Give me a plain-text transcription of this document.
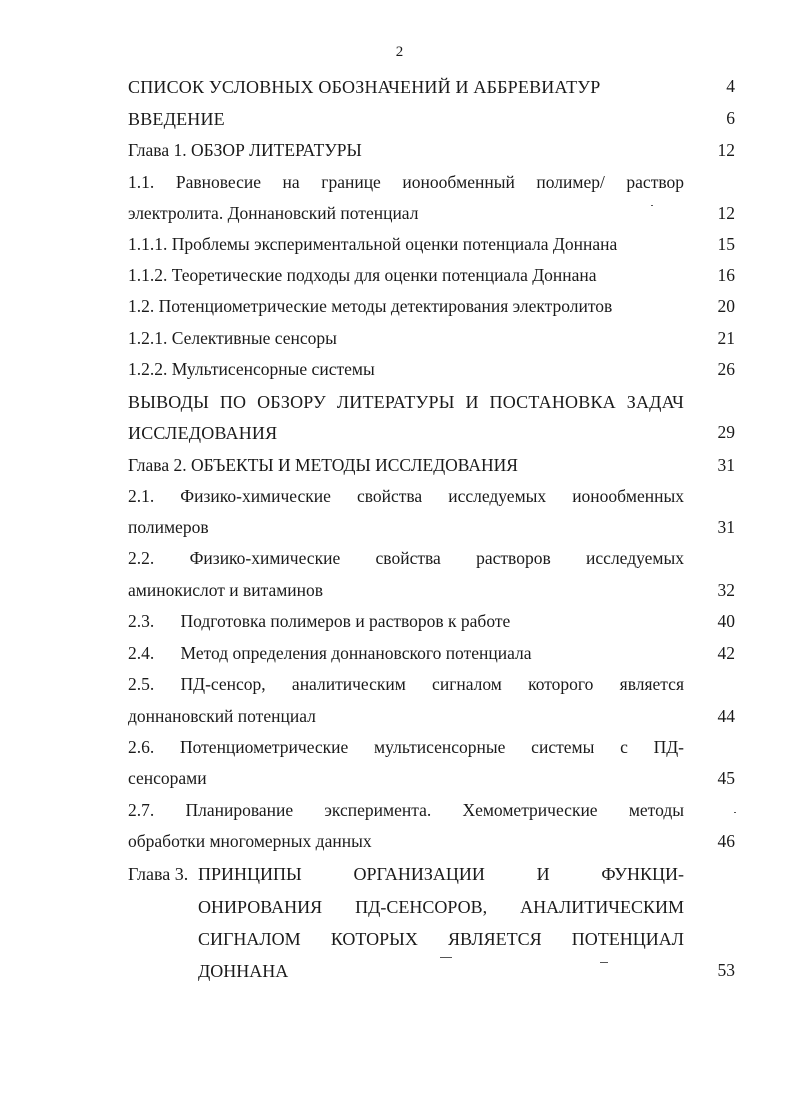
2
СПИСОК УСЛОВНЫХ ОБОЗНАЧЕНИЙ И АББРЕВИАТУР	4
ВВЕДЕНИЕ	6
Глава 1. ОБЗОР ЛИТЕРАТУРЫ	12
1.1. Равновесие на границе ионообменный полимер/ раствор
электролита. Доннановский потенциал	12
1.1.1. Проблемы экспериментальной оценки потенциала Доннана	15
1.1.2. Теоретические подходы для оценки потенциала Доннана	16
1.2. Потенциометрические методы детектирования электролитов	20
1.2.1. Селективные сенсоры	21
1.2.2. Мультисенсорные системы	26
ВЫВОДЫ ПО ОБЗОРУ ЛИТЕРАТУРЫ И ПОСТАНОВКА ЗАДАЧ
ИССЛЕДОВАНИЯ	29
Глава 2. ОБЪЕКТЫ И МЕТОДЫ ИССЛЕДОВАНИЯ	31
2.1. Физико-химические свойства исследуемых ионообменных
полимеров	31
2.2. Физико-химические свойства растворов исследуемых
аминокислот и витаминов	32
2.3.      Подготовка полимеров и растворов к работе	40
2.4.      Метод определения доннановского потенциала	42
2.5. ПД-сенсор, аналитическим сигналом которого является
доннановский потенциал	44
2.6. Потенциометрические мультисенсорные системы с ПД-
сенсорами	45
2.7. Планирование эксперимента. Хемометрические методы
обработки многомерных данных	46
Глава 3. ПРИНЦИПЫ ОРГАНИЗАЦИИ И ФУНКЦИ-
ОНИРОВАНИЯ ПД-СЕНСОРОВ, АНАЛИТИЧЕСКИМ
СИГНАЛОМ КОТОРЫХ ЯВЛЯЕТСЯ ПОТЕНЦИАЛ
ДОННАНА	53
